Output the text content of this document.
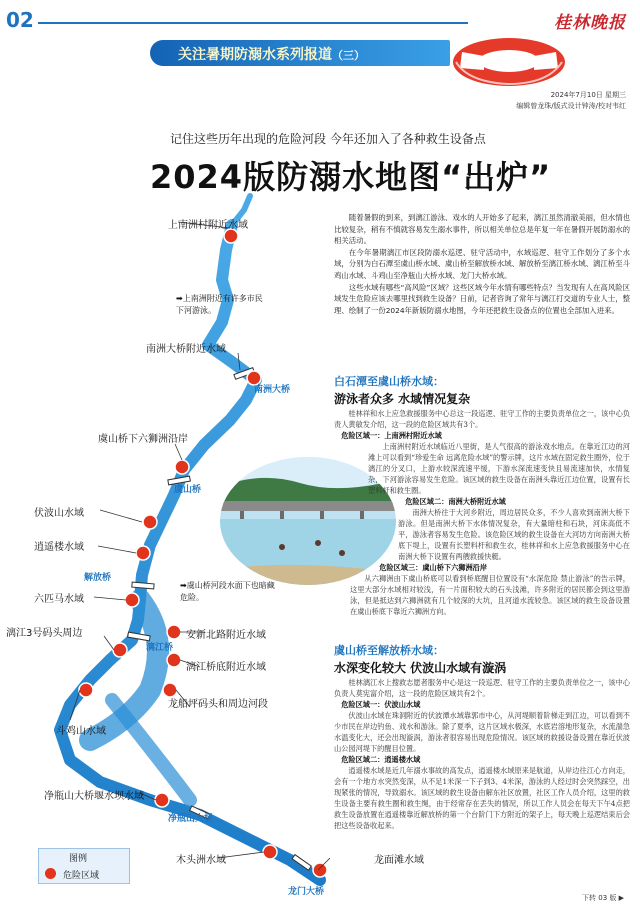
02	桂林晚报
关注暑期防溺水系列报道（三）
2024年7月10日 星期三
编辑曾龙珠/版式设计钟涛/校对韦红
记住这些历年出现的危险河段 今年还加入了各种救生设备点
2024版防溺水地图“出炉”
上南洲村附近水域
➡上南洲附近有许多市民下河游泳。
南洲大桥附近水域
南洲大桥
虞山桥下六狮洲沿岸
虞山桥
伏波山水域
逍遥楼水域
解放桥
六匹马水域
➡虞山桥河段水面下也暗藏危险。
安新北路附近水域
漓江3号码头周边
漓江桥
漓江桥底附近水域
龙船坪码头和周边河段
斗鸡山水域
净瓶山大桥堰水坝水域
净瓶山大桥
木头洲水域	龙面滩水域
龙门大桥
图例
危险区域

随着暑假的到来，到漓江游泳、戏水的人开始多了起来，漓江虽然清澈美丽，但水情也比较复杂，稍有不慎就容易发生溺水事件，所以相关单位总是年复一年在暑假开展防溺水的相关活动。

在今年暑期漓江市区段防溺水巡逻、驻守活动中，水域巡逻、驻守工作划分了多个水域，分别为白石潭至虞山桥水域、虞山桥至解放桥水域、解放桥至漓江桥水域、漓江桥至斗鸡山水域、斗鸡山至净瓶山大桥水域、龙门大桥水域。

这些水域有哪些“高风险”区域？这些区域今年水情有哪些特点？当发现有人在高风险区域发生危险应该去哪里找到救生设备？日前，记者咨询了常年与漓江打交道的专业人士，整理、绘制了一份2024年新版防溺水地图，今年还把救生设备点的位置也全部加入进来。

白石潭至虞山桥水域：
游泳者众多 水域情况复杂

桂林祥和水上应急救援服务中心总这一段巡逻、驻守工作的主要负责单位之一，该中心负责人黄敏发介绍，这一段的危险区域共有3个。

危险区域一：上南洲村附近水域

上南洲村附近水域临近八里街，是人气很高的游泳戏水地点。在靠近江边的河滩上可以看到“珍爱生命 远离危险水域”的警示牌，这片水域在固定救生圈外，位于漓江的分叉口，上游水较深流速平缓，下游水深流速变快且易流速加快，水情复杂，下河游泳容易发生危险。该区域的救生设备在南洲头靠近江边位置，设置有长塑料杆和救生圈。

危险区域二：南洲大桥附近水域

南洲大桥往于大河乡附近，周边居民众多，不少人喜欢到南洲大桥下游泳。但是南洲大桥下水体情况复杂，有大量暗柱和石块，河床高低不平，游泳者容易发生危险。该危险区域的救生设备在大河坊方向南洲大桥底下堤上，设置有长塑料杆和救生衣，桂林祥和水上应急救援服务中心在南洲大桥下设置有两艘救援快艇。

危险区域三：虞山桥下六狮洲沿岸

从六狮洲由下虞山桥底可以看到桥底醒目位置设有“水深危险 禁止游泳”的告示牌，这里大部分水域相对较浅，有一片面积较大的石头浅滩，许多附近的居民都会到这里游泳，但是抵达到六狮洲就有几个较深的大坑，且河道水流较急。该区域的救生设备设置在虞山桥底下靠近六狮洲方向。

虞山桥至解放桥水域：
水深变化较大 伏波山水域有漩涡

桂林漓江水上搜救志愿者服务中心是这一段巡逻、驻守工作的主要负责单位之一，该中心负责人莫宪富介绍，这一段的危险区域共有2个。

危险区域一：伏波山水域

伏波山水域在珠洞附近的伏波潭水域靠郭市中心，从河堤顺着阶梯走到江边，可以看到不少市民在岸边钓鱼、戏水和游泳。除了夏季，这片区域水极深，水底岩溶地形复杂，水流湍急水温变化大，还会出现漩涡，游泳者很容易出现危险情况。该区域的救援设备设置在靠近伏波山公园河堤下的醒目位置。

危险区域二：逍遥楼水域

逍遥楼水域是近几年溺水事故的高发点，逍遥楼水域原来是航道，从岸边往江心方向走，会有一个地方水突然变深，从不足1米深一下子到3、4米深，游泳的人经过时会突然踩空，出现紧张的情况，导致溺水。该区域的救生设备由解东社区放置，社区工作人员介绍，这里的救生设备主要有救生圈和救生绳，由于经常存在丢失的情况，所以工作人员会在每天下午4点把救生设备放置在逍遥楼靠近解放桥的第一个台阶门下方附近的架子上，每天晚上巡逻结束后会把这些设备收起来。

下转 03 版 ▶
